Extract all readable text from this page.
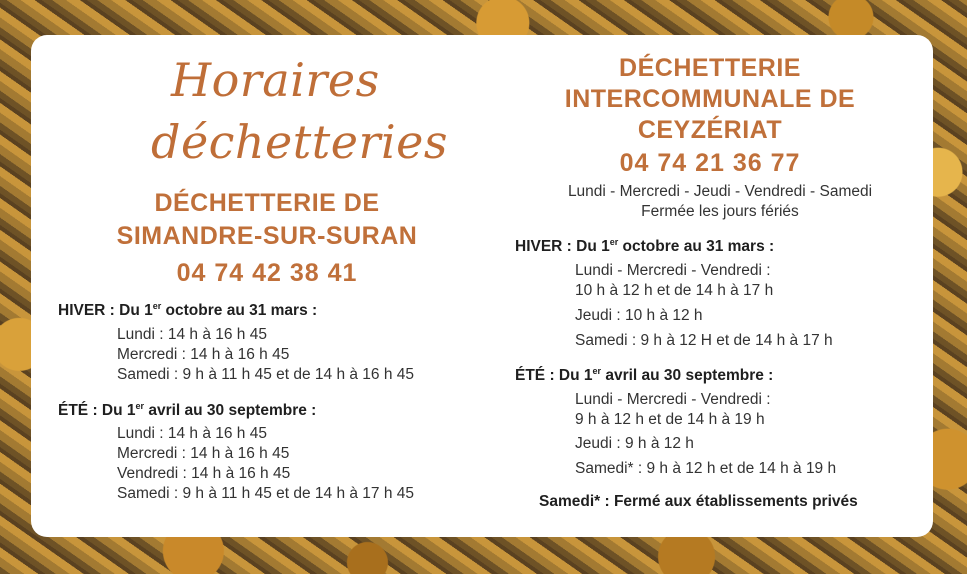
Horaires
déchetteries
DÉCHETTERIE DE
SIMANDRE-SUR-SURAN
04 74 42 38 41
HIVER : Du 1er octobre au 31 mars :
Lundi : 14 h à 16 h 45
Mercredi : 14 h à 16 h 45
Samedi : 9 h à 11 h 45 et de 14 h à 16 h 45
ÉTÉ : Du 1er avril au 30 septembre :
Lundi : 14 h à 16 h 45
Mercredi : 14 h à 16 h 45
Vendredi : 14 h à 16 h 45
Samedi : 9 h à 11 h 45 et de 14 h à 17 h 45
DÉCHETTERIE
INTERCOMMUNALE DE
CEYZÉRIAT
04 74 21 36 77
Lundi - Mercredi - Jeudi - Vendredi - Samedi
Fermée les jours fériés
HIVER : Du 1er octobre au 31 mars :
Lundi - Mercredi - Vendredi :
10 h à 12 h et de 14 h à 17 h
Jeudi : 10 h à 12 h
Samedi : 9 h à 12 H et de 14 h à 17 h
ÉTÉ : Du 1er avril au 30 septembre :
Lundi - Mercredi - Vendredi :
9 h à 12 h et de 14 h à 19 h
Jeudi : 9 h à 12 h
Samedi* : 9 h à 12 h et de 14 h à 19 h
Samedi* : Fermé aux établissements privés
